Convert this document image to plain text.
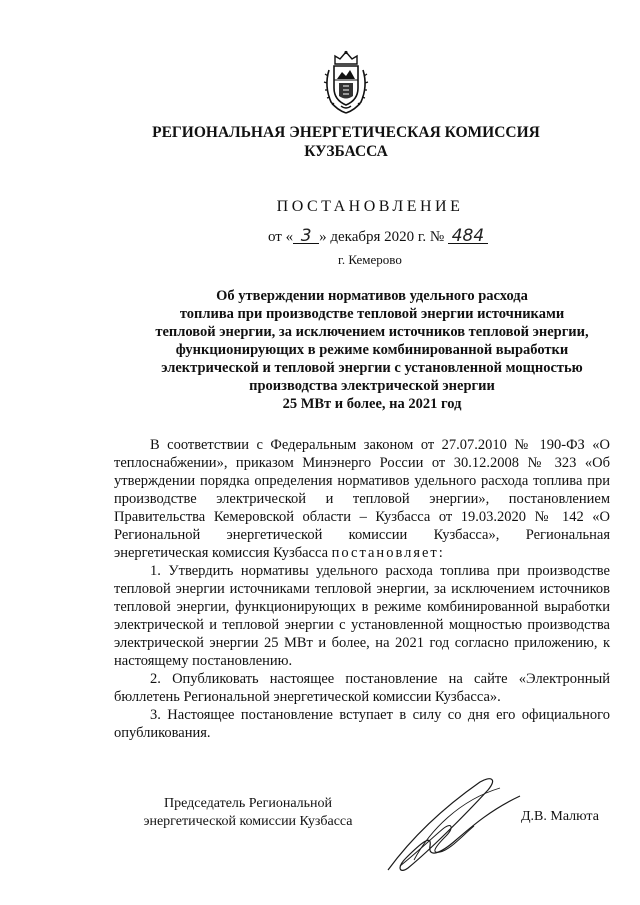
РЕГИОНАЛЬНАЯ ЭНЕРГЕТИЧЕСКАЯ КОМИССИЯ
КУЗБАССА
ПОСТАНОВЛЕНИЕ
от « 3 » декабря 2020 г. № 484
г. Кемерово
Об утверждении нормативов удельного расхода
топлива при производстве тепловой энергии источниками
тепловой энергии, за исключением источников тепловой энергии,
функционирующих в режиме комбинированной выработки
электрической и тепловой энергии с установленной мощностью
производства электрической энергии
25 МВт и более, на 2021 год

В соответствии с Федеральным законом от 27.07.2010 № 190-ФЗ «О теплоснабжении», приказом Минэнерго России от 30.12.2008 № 323 «Об утверждении порядка определения нормативов удельного расхода топлива при производстве электрической и тепловой энергии», постановлением Правительства Кемеровской области – Кузбасса от 19.03.2020 № 142 «О Региональной энергетической комиссии Кузбасса», Региональная энергетическая комиссия Кузбасса постановляет:

1. Утвердить нормативы удельного расхода топлива при производстве тепловой энергии источниками тепловой энергии, за исключением источников тепловой энергии, функционирующих в режиме комбинированной выработки электрической и тепловой энергии с установленной мощностью производства электрической энергии 25 МВт и более, на 2021 год согласно приложению, к настоящему постановлению.

2. Опубликовать настоящее постановление на сайте «Электронный бюллетень Региональной энергетической комиссии Кузбасса».

3. Настоящее постановление вступает в силу со дня его официального опубликования.

Председатель Региональной
энергетической комиссии Кузбасса	Д.В. Малюта
